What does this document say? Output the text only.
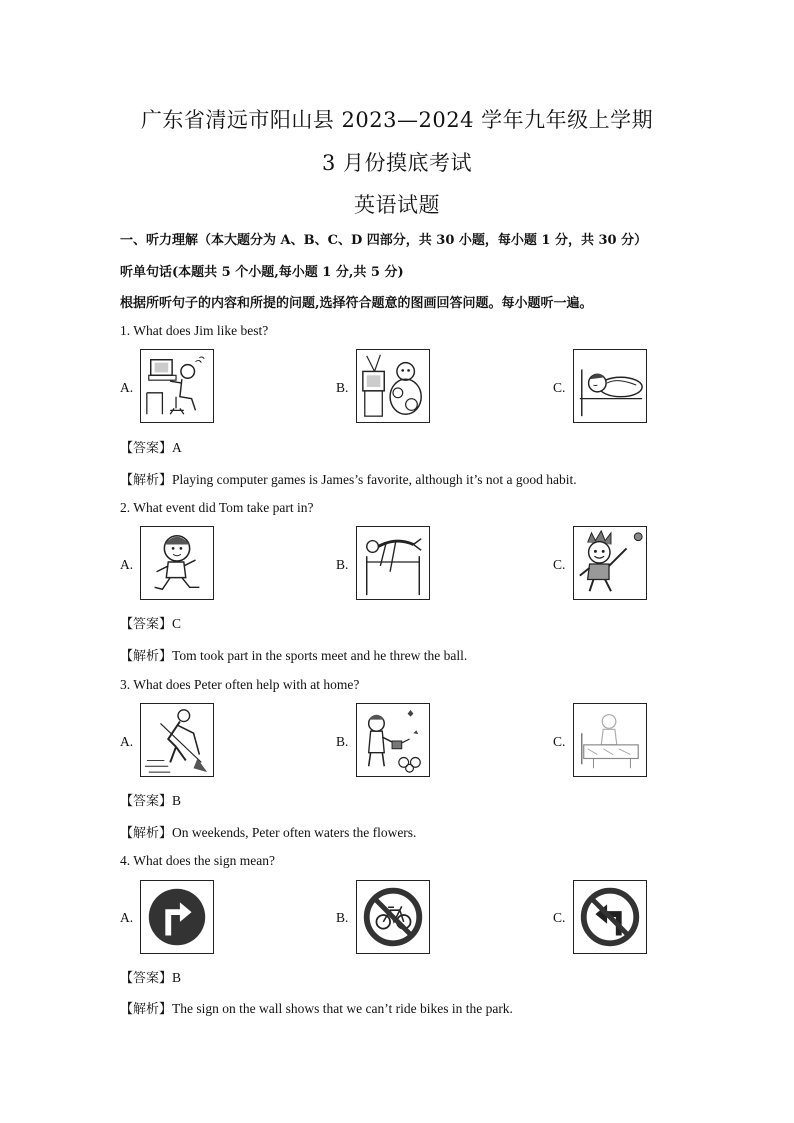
广东省清远市阳山县 2023—2024 学年九年级上学期
3 月份摸底考试
英语试题
一、听力理解（本大题分为 A、B、C、D 四部分，共 30 小题，每小题 1 分，共 30 分）
听单句话(本题共 5 个小题,每小题 1 分,共 5 分)
根据所听句子的内容和所提的问题,选择符合题意的图画回答问题。每小题听一遍。
1. What does Jim like best?
A.	B.	C.
【答案】A
【解析】Playing computer games is James’s favorite, although it’s not a good habit.
2. What event did Tom take part in?
A.	B.	C.
【答案】C
【解析】Tom took part in the sports meet and he threw the ball.
3. What does Peter often help with at home?
A.	B.	C.
【答案】B
【解析】On weekends, Peter often waters the flowers.
4. What does the sign mean?
A.	B.	C.
【答案】B
【解析】The sign on the wall shows that we can’t ride bikes in the park.
